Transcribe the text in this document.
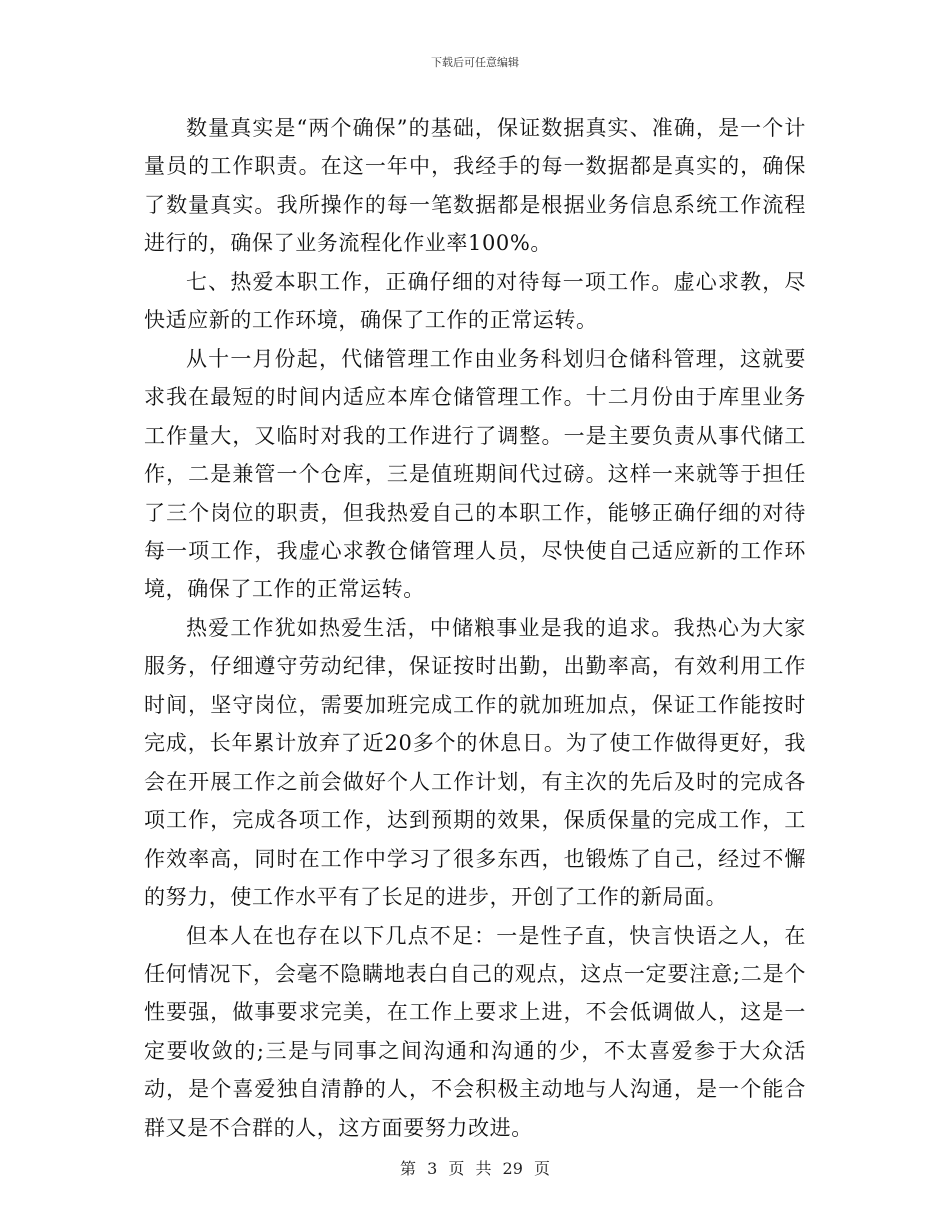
下载后可任意编辑

数量真实是“两个确保”的基础，保证数据真实、准确，是一个计量员的工作职责。在这一年中，我经手的每一数据都是真实的，确保了数量真实。我所操作的每一笔数据都是根据业务信息系统工作流程进行的，确保了业务流程化作业率100%。

七、热爱本职工作，正确仔细的对待每一项工作。虚心求教，尽快适应新的工作环境，确保了工作的正常运转。

从十一月份起，代储管理工作由业务科划归仓储科管理，这就要求我在最短的时间内适应本库仓储管理工作。十二月份由于库里业务工作量大，又临时对我的工作进行了调整。一是主要负责从事代储工作，二是兼管一个仓库，三是值班期间代过磅。这样一来就等于担任了三个岗位的职责，但我热爱自己的本职工作，能够正确仔细的对待每一项工作，我虚心求教仓储管理人员，尽快使自己适应新的工作环境，确保了工作的正常运转。

热爱工作犹如热爱生活，中储粮事业是我的追求。我热心为大家服务，仔细遵守劳动纪律，保证按时出勤，出勤率高，有效利用工作时间，坚守岗位，需要加班完成工作的就加班加点，保证工作能按时完成，长年累计放弃了近20多个的休息日。为了使工作做得更好，我会在开展工作之前会做好个人工作计划，有主次的先后及时的完成各项工作，完成各项工作，达到预期的效果，保质保量的完成工作，工作效率高，同时在工作中学习了很多东西，也锻炼了自己，经过不懈的努力，使工作水平有了长足的进步，开创了工作的新局面。

但本人在也存在以下几点不足：一是性子直，快言快语之人，在任何情况下，会毫不隐瞒地表白自己的观点，这点一定要注意;二是个性要强，做事要求完美，在工作上要求上进，不会低调做人，这是一定要收敛的;三是与同事之间沟通和沟通的少，不太喜爱参于大众活动，是个喜爱独自清静的人，不会积极主动地与人沟通，是一个能合群又是不合群的人，这方面要努力改进。

第 3 页 共 29 页
